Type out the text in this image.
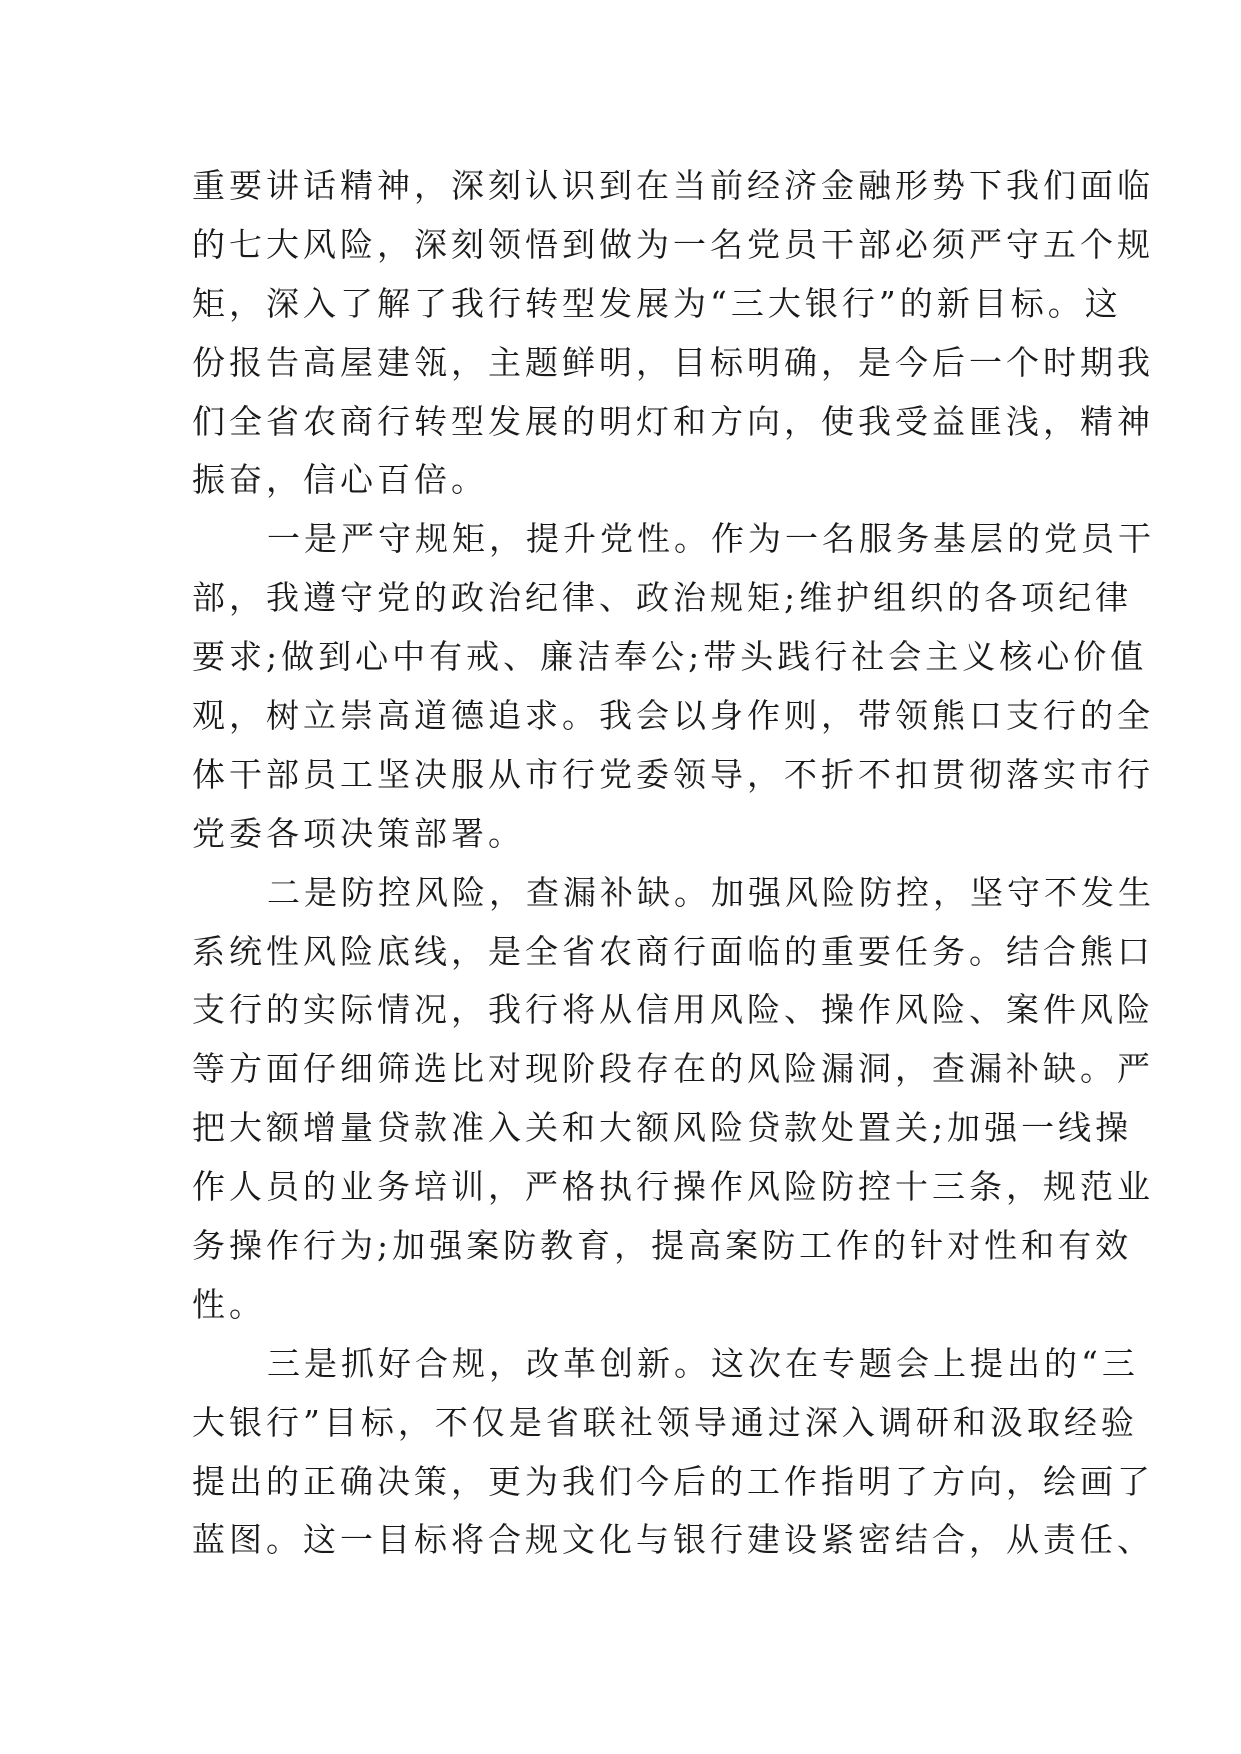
重要讲话精神，深刻认识到在当前经济金融形势下我们面临
的七大风险，深刻领悟到做为一名党员干部必须严守五个规
矩，深入了解了我行转型发展为“三大银行”的新目标。这
份报告高屋建瓴，主题鲜明，目标明确，是今后一个时期我
们全省农商行转型发展的明灯和方向，使我受益匪浅，精神
振奋，信心百倍。
一是严守规矩，提升党性。作为一名服务基层的党员干
部，我遵守党的政治纪律、政治规矩;维护组织的各项纪律
要求;做到心中有戒、廉洁奉公;带头践行社会主义核心价值
观，树立崇高道德追求。我会以身作则，带领熊口支行的全
体干部员工坚决服从市行党委领导，不折不扣贯彻落实市行
党委各项决策部署。
二是防控风险，查漏补缺。加强风险防控，坚守不发生
系统性风险底线，是全省农商行面临的重要任务。结合熊口
支行的实际情况，我行将从信用风险、操作风险、案件风险
等方面仔细筛选比对现阶段存在的风险漏洞，查漏补缺。严
把大额增量贷款准入关和大额风险贷款处置关;加强一线操
作人员的业务培训，严格执行操作风险防控十三条，规范业
务操作行为;加强案防教育，提高案防工作的针对性和有效
性。
三是抓好合规，改革创新。这次在专题会上提出的“三
大银行”目标，不仅是省联社领导通过深入调研和汲取经验
提出的正确决策，更为我们今后的工作指明了方向，绘画了
蓝图。这一目标将合规文化与银行建设紧密结合，从责任、
